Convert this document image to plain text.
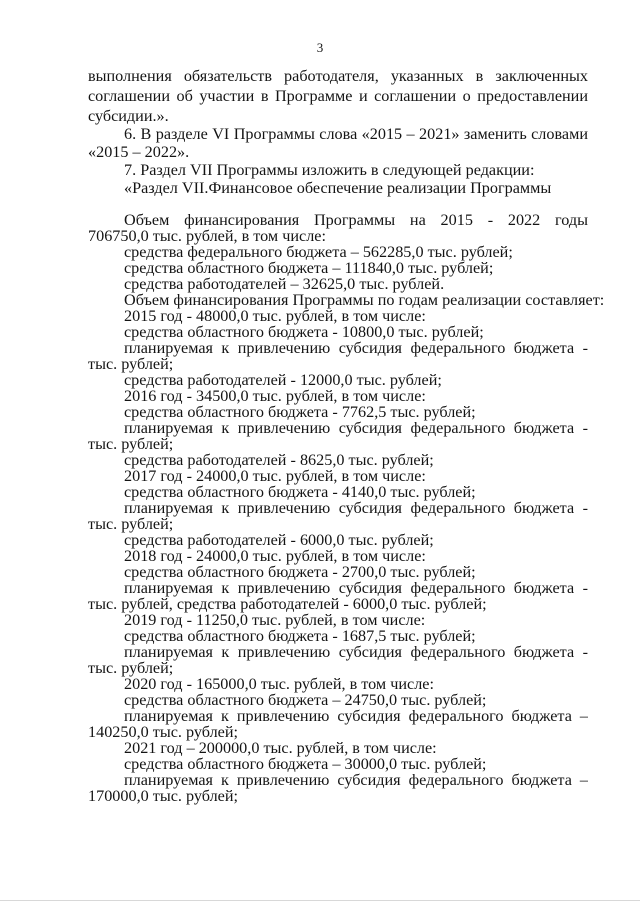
3
выполнения обязательств работодателя, указанных в заключенных
соглашении об участии в Программе и соглашении о предоставлении
субсидии.».
6. В разделе VI Программы слова «2015 – 2021» заменить словами
«2015 – 2022».
7. Раздел VII Программы изложить в следующей редакции:
«Раздел VII.Финансовое обеспечение реализации Программы
Объем финансирования Программы на 2015 - 2022 годы
706750,0 тыс. рублей, в том числе:
средства федерального бюджета – 562285,0 тыс. рублей;
средства областного бюджета – 111840,0 тыс. рублей;
средства работодателей – 32625,0 тыс. рублей.
Объем финансирования Программы по годам реализации составляет:
2015 год - 48000,0 тыс. рублей, в том числе:
средства областного бюджета - 10800,0 тыс. рублей;
планируемая к привлечению субсидия федерального бюджета -
тыс. рублей;
средства работодателей - 12000,0 тыс. рублей;
2016 год - 34500,0 тыс. рублей, в том числе:
средства областного бюджета - 7762,5 тыс. рублей;
планируемая к привлечению субсидия федерального бюджета -
тыс. рублей;
средства работодателей - 8625,0 тыс. рублей;
2017 год - 24000,0 тыс. рублей, в том числе:
средства областного бюджета - 4140,0 тыс. рублей;
планируемая к привлечению субсидия федерального бюджета -
тыс. рублей;
средства работодателей - 6000,0 тыс. рублей;
2018 год - 24000,0 тыс. рублей, в том числе:
средства областного бюджета - 2700,0 тыс. рублей;
планируемая к привлечению субсидия федерального бюджета -
тыс. рублей, средства работодателей - 6000,0 тыс. рублей;
2019 год - 11250,0 тыс. рублей, в том числе:
средства областного бюджета - 1687,5 тыс. рублей;
планируемая к привлечению субсидия федерального бюджета -
тыс. рублей;
2020 год - 165000,0 тыс. рублей, в том числе:
средства областного бюджета – 24750,0 тыс. рублей;
планируемая к привлечению субсидия федерального бюджета –
140250,0 тыс. рублей;
2021 год – 200000,0 тыс. рублей, в том числе:
средства областного бюджета – 30000,0 тыс. рублей;
планируемая к привлечению субсидия федерального бюджета –
170000,0 тыс. рублей;
